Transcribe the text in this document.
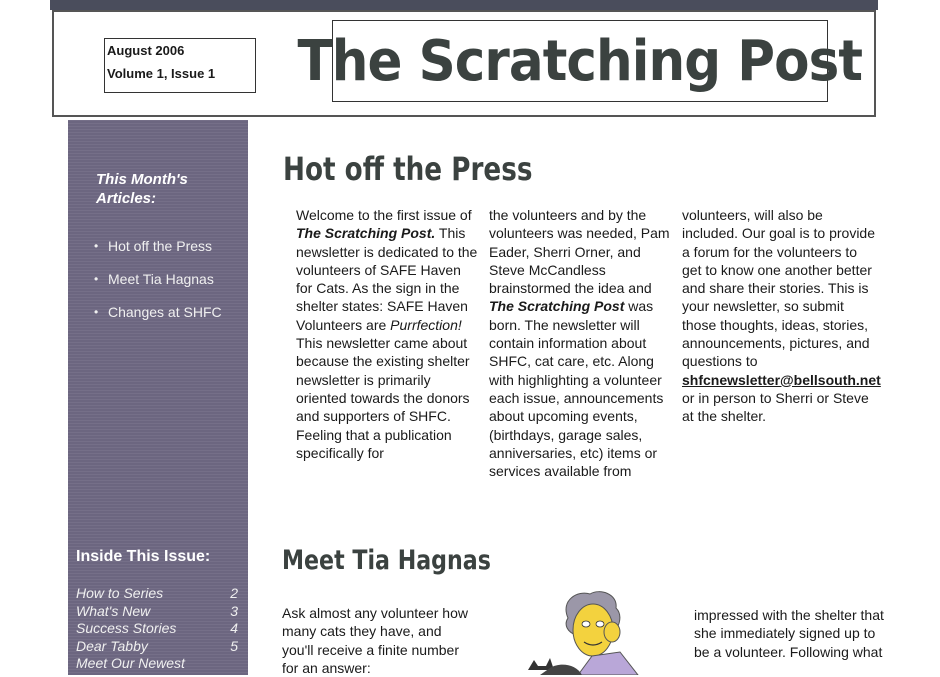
August 2006
Volume 1, Issue 1	The Scratching Post
This Month's Articles:
• Hot off the Press
• Meet Tia Hagnas
• Changes at SHFC
Inside This Issue:
How to Series	2
What's New	3
Success Stories	4
Dear Tabby	5
Meet Our Newest
Hot off the Press
Welcome to the first issue of The Scratching Post. This newsletter is dedicated to the volunteers of SAFE Haven for Cats. As the sign in the shelter states: SAFE Haven Volunteers are Purrfection! This newsletter came about because the existing shelter newsletter is primarily oriented towards the donors and supporters of SHFC. Feeling that a publication specifically for
the volunteers and by the volunteers was needed, Pam Eader, Sherri Orner, and Steve McCandless brainstormed the idea and The Scratching Post was born. The newsletter will contain information about SHFC, cat care, etc. Along with highlighting a volunteer each issue, announcements about upcoming events, (birthdays, garage sales, anniversaries, etc) items or services available from
volunteers, will also be included. Our goal is to provide a forum for the volunteers to get to know one another better and share their stories. This is your newsletter, so submit those thoughts, ideas, stories, announcements, pictures, and questions to shfcnewsletter@bellsouth.net or in person to Sherri or Steve at the shelter.
Meet Tia Hagnas
Ask almost any volunteer how many cats they have, and you'll receive a finite number for an answer:
impressed with the shelter that she immediately signed up to be a volunteer. Following what
